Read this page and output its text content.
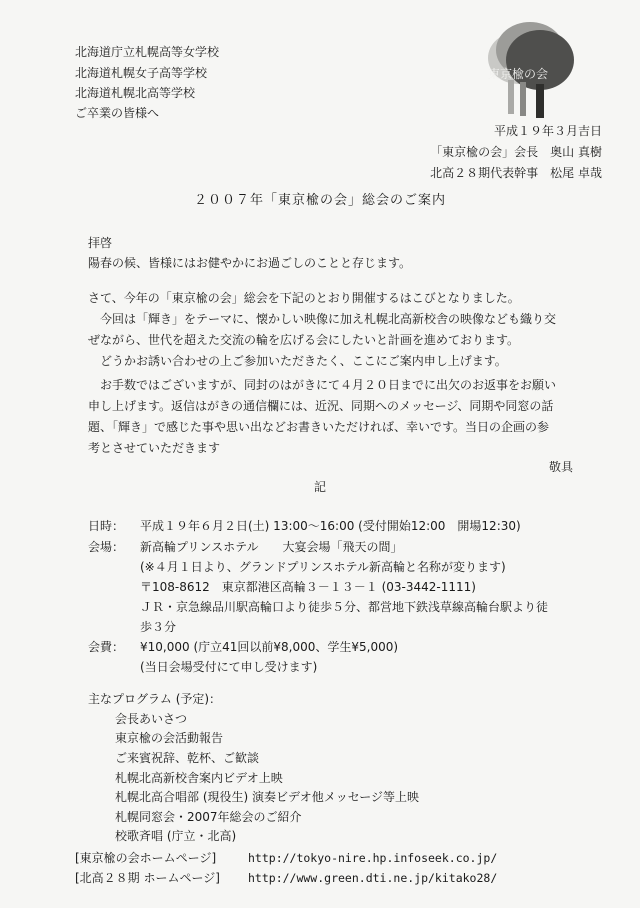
北海道庁立札幌高等女学校
北海道札幌女子高等学校
北海道札幌北高等学校
ご卒業の皆様へ
東京楡の会
平成１９年３月吉日
「東京楡の会」会長　奥山 真樹
北高２８期代表幹事　松尾 卓哉
２００７年「東京楡の会」総会のご案内
拝啓
陽春の候、皆様にはお健やかにお過ごしのことと存じます。
さて、今年の「東京楡の会」総会を下記のとおり開催するはこびとなりました。
今回は「輝き」をテーマに、懐かしい映像に加え札幌北高新校舎の映像なども織り交
ぜながら、世代を超えた交流の輪を広げる会にしたいと計画を進めております。
どうかお誘い合わせの上ご参加いただきたく、ここにご案内申し上げます。
お手数ではございますが、同封のはがきにて４月２０日までに出欠のお返事をお願い
申し上げます。返信はがきの通信欄には、近況、同期へのメッセージ、同期や同窓の話
題、「輝き」で感じた事や思い出などお書きいただければ、幸いです。当日の企画の参
考とさせていただきます
敬具
記
日時： 平成１９年６月２日(土) 13:00～16:00 (受付開始12:00　開場12:30)
会場： 新高輪プリンスホテル　　大宴会場「飛天の間」
(※４月１日より、グランドプリンスホテル新高輪と名称が変ります)
〒108-8612　東京都港区高輪３－１３－１ (03-3442-1111)
ＪＲ・京急線品川駅高輪口より徒歩５分、都営地下鉄浅草線高輪台駅より徒
歩３分
会費： ¥10,000 (庁立41回以前¥8,000、学生¥5,000)
(当日会場受付にて申し受けます)
主なプログラム (予定)：
会長あいさつ
東京楡の会活動報告
ご来賓祝辞、乾杯、ご歓談
札幌北高新校舎案内ビデオ上映
札幌北高合唱部 (現役生) 演奏ビデオ他メッセージ等上映
札幌同窓会・2007年総会のご紹介
校歌斉唱 (庁立・北高)
[東京楡の会ホームページ]	http://tokyo-nire.hp.infoseek.co.jp/
[北高２８期 ホームページ] http://www.green.dti.ne.jp/kitako28/
